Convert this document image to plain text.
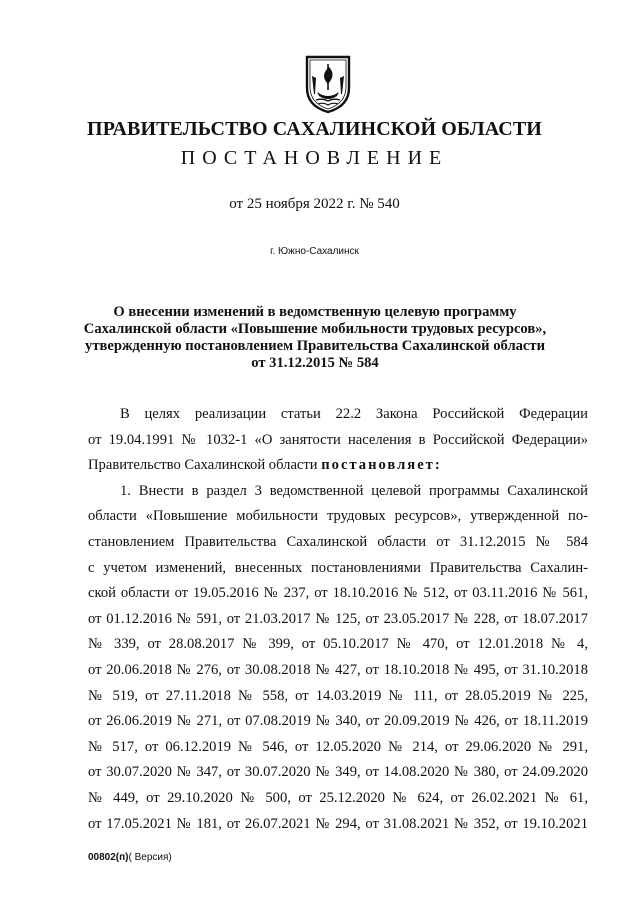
ПРАВИТЕЛЬСТВО САХАЛИНСКОЙ ОБЛАСТИ
ПОСТАНОВЛЕНИЕ
от 25 ноября 2022 г. № 540
г. Южно-Сахалинск
О внесении изменений в ведомственную целевую программу
Сахалинской области «Повышение мобильности трудовых ресурсов»,
утвержденную постановлением Правительства Сахалинской области
от 31.12.2015 № 584
В целях реализации статьи 22.2 Закона Российской Федерации
от 19.04.1991 № 1032-1 «О занятости населения в Российской Федерации»
Правительство Сахалинской области постановляет:
1. Внести в раздел 3 ведомственной целевой программы Сахалинской
области «Повышение мобильности трудовых ресурсов», утвержденной по-
становлением Правительства Сахалинской области от 31.12.2015 № 584
с учетом изменений, внесенных постановлениями Правительства Сахалин-
ской области от 19.05.2016 № 237, от 18.10.2016 № 512, от 03.11.2016 № 561,
от 01.12.2016 № 591, от 21.03.2017 № 125, от 23.05.2017 № 228, от 18.07.2017
№ 339, от 28.08.2017 № 399, от 05.10.2017 № 470, от 12.01.2018 № 4,
от 20.06.2018 № 276, от 30.08.2018 № 427, от 18.10.2018 № 495, от 31.10.2018
№ 519, от 27.11.2018 № 558, от 14.03.2019 № 111, от 28.05.2019 № 225,
от 26.06.2019 № 271, от 07.08.2019 № 340, от 20.09.2019 № 426, от 18.11.2019
№ 517, от 06.12.2019 № 546, от 12.05.2020 № 214, от 29.06.2020 № 291,
от 30.07.2020 № 347, от 30.07.2020 № 349, от 14.08.2020 № 380, от 24.09.2020
№ 449, от 29.10.2020 № 500, от 25.12.2020 № 624, от 26.02.2021 № 61,
от 17.05.2021 № 181, от 26.07.2021 № 294, от 31.08.2021 № 352, от 19.10.2021
00802(п)( Версия)
